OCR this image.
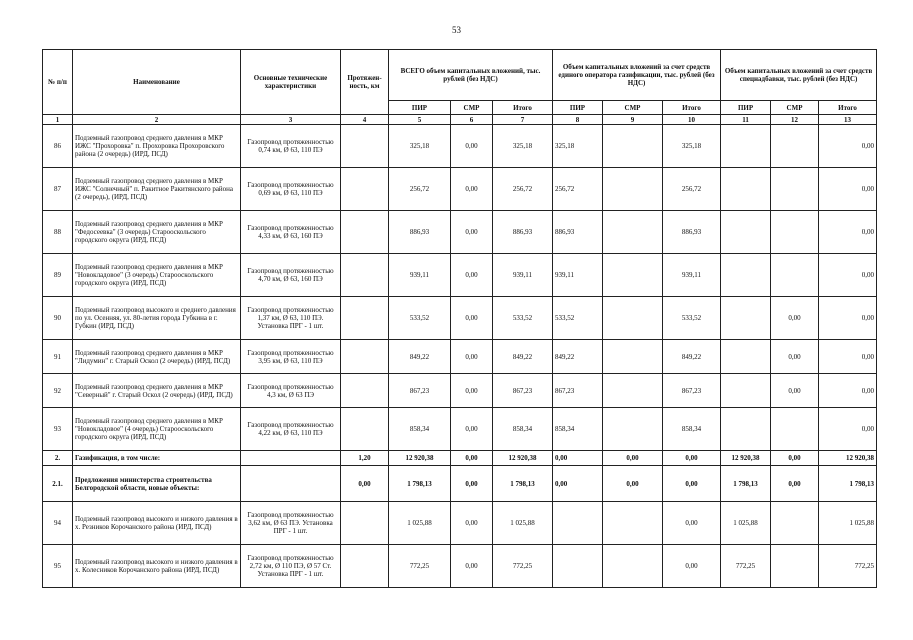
53
№ п/п	Наименование	Основные технические характеристики	Протяжен-ность, км	ВСЕГО объем капитальных вложений, тыс. рублей (без НДС)			Объем капитальных вложений за счет средств единого оператора газификации, тыс. рублей (без НДС)			Объем капитальных вложений за счет средств спецнадбавки, тыс. рублей (без НДС)		
				ПИР	СМР	Итого	ПИР	СМР	Итого	ПИР	СМР	Итого
1	2	3	4	5	6	7	8	9	10	11	12	13
86	Подземный газопровод среднего давления в МКР ИЖС "Прохоровка" п. Прохоровка Прохоровского района (2 очередь) (ИРД, ПСД)	Газопровод протяженностью 0,74 км, Ø 63, 110 ПЭ		325,18	0,00	325,18	325,18		325,18			0,00
87	Подземный газопровод среднего давления в МКР ИЖС "Солнечный" п. Ракитное Ракитянского района (2 очередь), (ИРД, ПСД)	Газопровод протяженностью 0,69 км, Ø 63, 110 ПЭ		256,72	0,00	256,72	256,72		256,72			0,00
88	Подземный газопровод среднего давления в МКР "Федосеевка" (3 очередь) Старооскольского городского округа (ИРД, ПСД)	Газопровод протяженностью 4,33 км, Ø 63, 160 ПЭ		886,93	0,00	886,93	886,93		886,93			0,00
89	Подземный газопровод среднего давления в МКР "Новокладовое" (3 очередь) Старооскольского городского округа (ИРД, ПСД)	Газопровод протяженностью 4,70 км, Ø 63, 160 ПЭ		939,11	0,00	939,11	939,11		939,11			0,00
90	Подземный газопровод высокого и среднего давления по ул. Осенняя, ул. 80-летия города Губкина в г. Губкин (ИРД, ПСД)	Газопровод протяженностью 1,37 км, Ø 63, 110 ПЭ. Установка ПРГ - 1 шт.		533,52	0,00	533,52	533,52		533,52		0,00	0,00
91	Подземный газопровод среднего давления в МКР "Лидумин" г. Старый Оскол (2 очередь) (ИРД, ПСД)	Газопровод протяженностью 3,95 км, Ø 63, 110 ПЭ		849,22	0,00	849,22	849,22		849,22		0,00	0,00
92	Подземный газопровод среднего давления в МКР "Северный" г. Старый Оскол (2 очередь) (ИРД, ПСД)	Газопровод протяженностью 4,3 км, Ø 63 ПЭ		867,23	0,00	867,23	867,23		867,23		0,00	0,00
93	Подземный газопровод среднего давления в МКР "Новокладовое" (4 очередь) Старооскольского городского округа (ИРД, ПСД)	Газопровод протяженностью 4,22 км, Ø 63, 110 ПЭ		858,34	0,00	858,34	858,34		858,34			0,00
2.	Газификация, в том числе:		1,20	12 920,38	0,00	12 920,38	0,00	0,00	0,00	12 920,38	0,00	12 920,38
2.1.	Предложения министерства строительства Белгородской области, новые объекты:		0,00	1 798,13	0,00	1 798,13	0,00	0,00	0,00	1 798,13	0,00	1 798,13
94	Подземный газопровод высокого и низкого давления в х. Резников Корочанского района (ИРД, ПСД)	Газопровод протяженностью 3,62 км, Ø 63 ПЭ. Установка ПРГ - 1 шт.		1 025,88	0,00	1 025,88			0,00	1 025,88		1 025,88
95	Подземный газопровод высокого и низкого давления в х. Колесников Корочанского района (ИРД, ПСД)	Газопровод протяженностью 2,72 км, Ø 110 ПЭ, Ø 57 Ст. Установка ПРГ - 1 шт.		772,25	0,00	772,25			0,00	772,25		772,25
